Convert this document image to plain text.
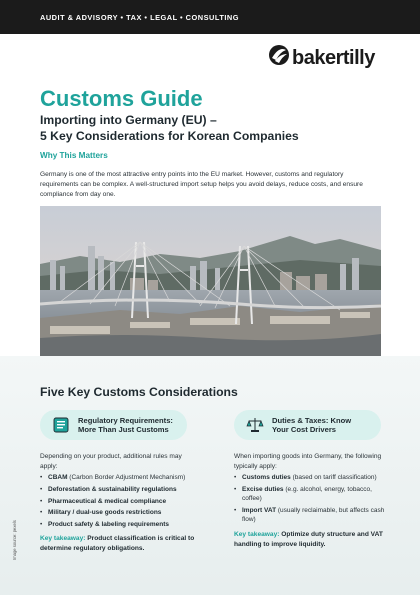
AUDIT & ADVISORY • TAX • LEGAL • CONSULTING
bakertilly
Customs Guide
Importing into Germany (EU) –
5 Key Considerations for Korean Companies
Why This Matters
Germany is one of the most attractive entry points into the EU market. However, customs and regulatory requirements can be complex. A well-structured import setup helps you avoid delays, reduce costs, and ensure compliance from day one.
Five Key Customs Considerations
Regulatory Requirements:
More Than Just Customs
Duties & Taxes: Know
Your Cost Drivers
Depending on your product, additional rules may apply:
When importing goods into Germany, the following typically apply:
• CBAM (Carbon Border Adjustment Mechanism)
• Deforestation & sustainability regulations
• Pharmaceutical & medical compliance
• Military / dual-use goods restrictions
• Product safety & labeling requirements
• Customs duties (based on tariff classification)
• Excise duties (e.g. alcohol, energy, tobacco, coffee)
• Import VAT (usually reclaimable, but affects cash flow)
Key takeaway: Product classification is critical to determine regulatory obligations.
Key takeaway: Optimize duty structure and VAT handling to improve liquidity.
Image source: pexels
